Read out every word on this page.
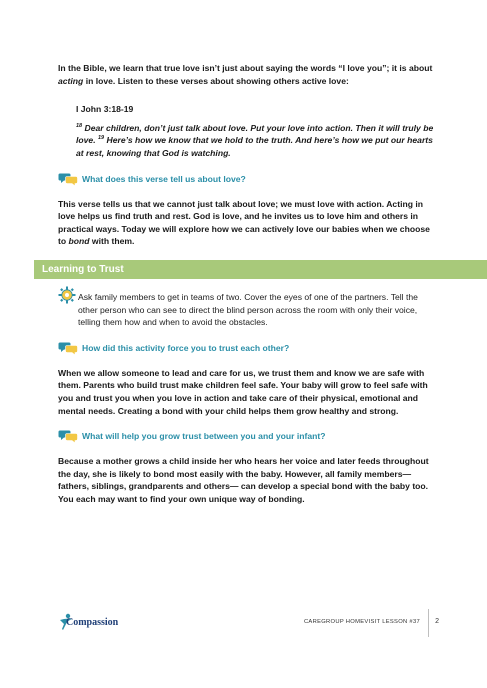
In the Bible, we learn that true love isn’t just about saying the words “I love you”; it is about acting in love. Listen to these verses about showing others active love:

I John 3:18-19

$^{18}$ Dear children, don’t just talk about love. Put your love into action. Then it will truly be love. $^{19}$ Here’s how we know that we hold to the truth. And here’s how we put our hearts at rest, knowing that God is watching.

What does this verse tell us about love?

This verse tells us that we cannot just talk about love; we must love with action. Acting in love helps us find truth and rest. God is love, and he invites us to love him and others in practical ways. Today we will explore how we can actively love our babies when we choose to bond with them.

Learning to Trust

Ask family members to get in teams of two. Cover the eyes of one of the partners. Tell the other person who can see to direct the blind person across the room with only their voice, telling them how and when to avoid the obstacles.

How did this activity force you to trust each other?

When we allow someone to lead and care for us, we trust them and know we are safe with them. Parents who build trust make children feel safe. Your baby will grow to feel safe with you and trust you when you love in action and take care of their physical, emotional and mental needs. Creating a bond with your child helps them grow healthy and strong.

What will help you grow trust between you and your infant?

Because a mother grows a child inside her who hears her voice and later feeds throughout the day, she is likely to bond most easily with the baby. However, all family members—fathers, siblings, grandparents and others— can develop a special bond with the baby too. You each may want to find your own unique way of bonding.

Compassion	CAREGROUP HOMEVISIT LESSON #37 2
